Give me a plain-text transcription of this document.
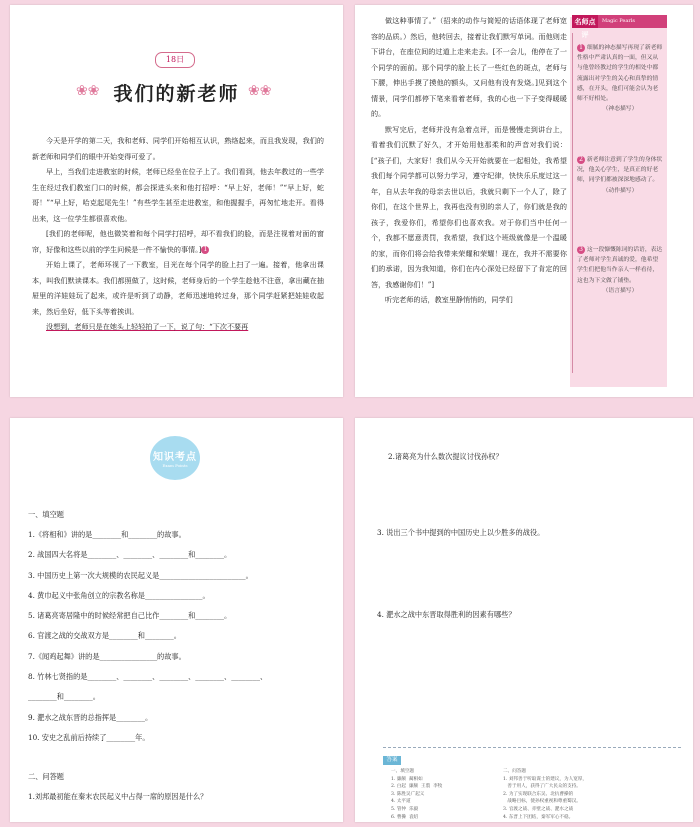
18日
❀❀ 我们的新老师 ❀❀

今天是开学的第二天，我和老师、同学们开始相互认识，熟络起来，而且我发现，我们的新老师和同学们的眼中开始变得可爱了。

早上，当我们走进教室的时候，老师已经坐在位子上了。我们看到，他去年教过的一些学生在经过我们教室门口的时候，都会探进头来和他打招呼：“早上好，老师！”“早上好，蛇哥！”“早上好，哈克起尾先生！”有些学生甚至走进教室，和他握握手，再匆忙地走开。看得出来，这一位学生都很喜欢他。

[我们的老师呢，他也微笑着和每个同学打招呼，却不看我们的脸，而是注视着对面的窗帘，好像和这些以前的学生问候是一件不愉快的事情。] 1

开始上课了，老师环视了一下教室，目光在每个同学的脸上扫了一遍。接着，他拿出课本，叫我们默读课本。我们都照做了，这时候，老师身后的一个学生趁他不注意，拿出藏在抽屉里的洋娃娃玩了起来，或许是听到了动静，老师迅速地转过身，那个同学赶紧把娃娃收起来，然后坐好，低下头等着挨训。

没想到，老师只是在她头上轻轻拍了一下，说了句：“下次不要再

做这种事情了。”（招来的动作与简短的话语体现了老师宽容的品质。）然后，他转回去，接着让我们默写单词。而他则走下讲台，在座位间的过道上走来走去。[不一会儿，他停在了一个同学的面前。那个同学的脸上长了一些红色的斑点，老师与下腰，伸出手摸了摸他的额头，又问他有没有发烧。]见到这个情景，同学们都停下笔来看着老师，我的心也一下子变得暖暖的。

默写完后，老师并没有急着点评，而是慢慢走到讲台上，看着我们沉默了好久，才开始用他那柔和的声音对我们说：[“孩子们，大家好！我们从今天开始就要在一起相处，我希望我们每个同学都可以努力学习，遵守纪律，快快乐乐度过这一年，自从去年我的母亲去世以后，我就只剩下一个人了，除了你们，在这个世界上，我再也没有别的亲人了，你们就是我的孩子，我爱你们，希望你们也喜欢我。对于你们当中任何一个，我都不愿意责罚，我希望，我们这个班级就像是一个温暖的家，而你们将会给我带来荣耀和荣耀！现在，我并不需要你们的承诺，因为我知道，你们在内心深处已经留下了肯定的回答，我感谢你们！”]

听完老师的话，教室里静悄悄的，同学们

名师点评
Magic Pearls
1 细腻的神态描写再现了新老师性格中严肃认真的一面，但又从与他曾经教过的学生的相处中都流露出对学生的关心和真挚的情感，在开头，他们可能会认为老师不好相处。
（神态描写）
2 新老师注意到了学生的身体状况，他关心学生，是真正的好老师，同学们都被深深地感动了。
（动作描写）
3 这一段慷慨陈词的话语，表达了老师对学生真诚的爱，他希望学生们把他当作亲人一样看待，这也为下文做了铺垫。
（语言描写）
知识考点
Exam Points
一、填空题
1.《将相和》讲的是________和________的故事。
2. 战国四大名将是________、________、________和________。
3. 中国历史上第一次大规模的农民起义是________________________。
4. 黄巾起义中张角创立的宗教名称是________________。
5. 诸葛亮寄居隆中的时候经常把自己比作________和________。
6. 官渡之战的交战双方是________和________。
7.《闻鸡起舞》讲的是________________的故事。
8. 竹林七贤指的是________、________、________、________、________、________和________。
9. 淝水之战东晋的总指挥是________。
10. 安史之乱前后持续了________年。
二、问答题
1.刘邦最初能在秦末农民起义中占得一席的原因是什么？
2.诸葛亮为什么数次提议讨伐孙权？
3. 说出三个书中提到的中国历史上以少胜多的战役。
4. 淝水之战中东晋取得胜利的因素有哪些？
答案
一、填空题
1. 廉颇  蔺相如
2. 白起  廉颇  王翦  李牧
3. 陈胜吴广起义
4. 太平道
5. 管仲  乐毅
6. 曹操  袁绍
二、问答题
1. 刘邦善于听取谋士的建议，为人宽厚，
善于用人，获得了广大民众的支持。
2. 为了实现联合东吴、北抗曹操的
战略目标，使孙权重视和尊重蜀汉。
3. 官渡之战、赤壁之战、淝水之战
4. 东晋上下团结，秦军军心不稳。
